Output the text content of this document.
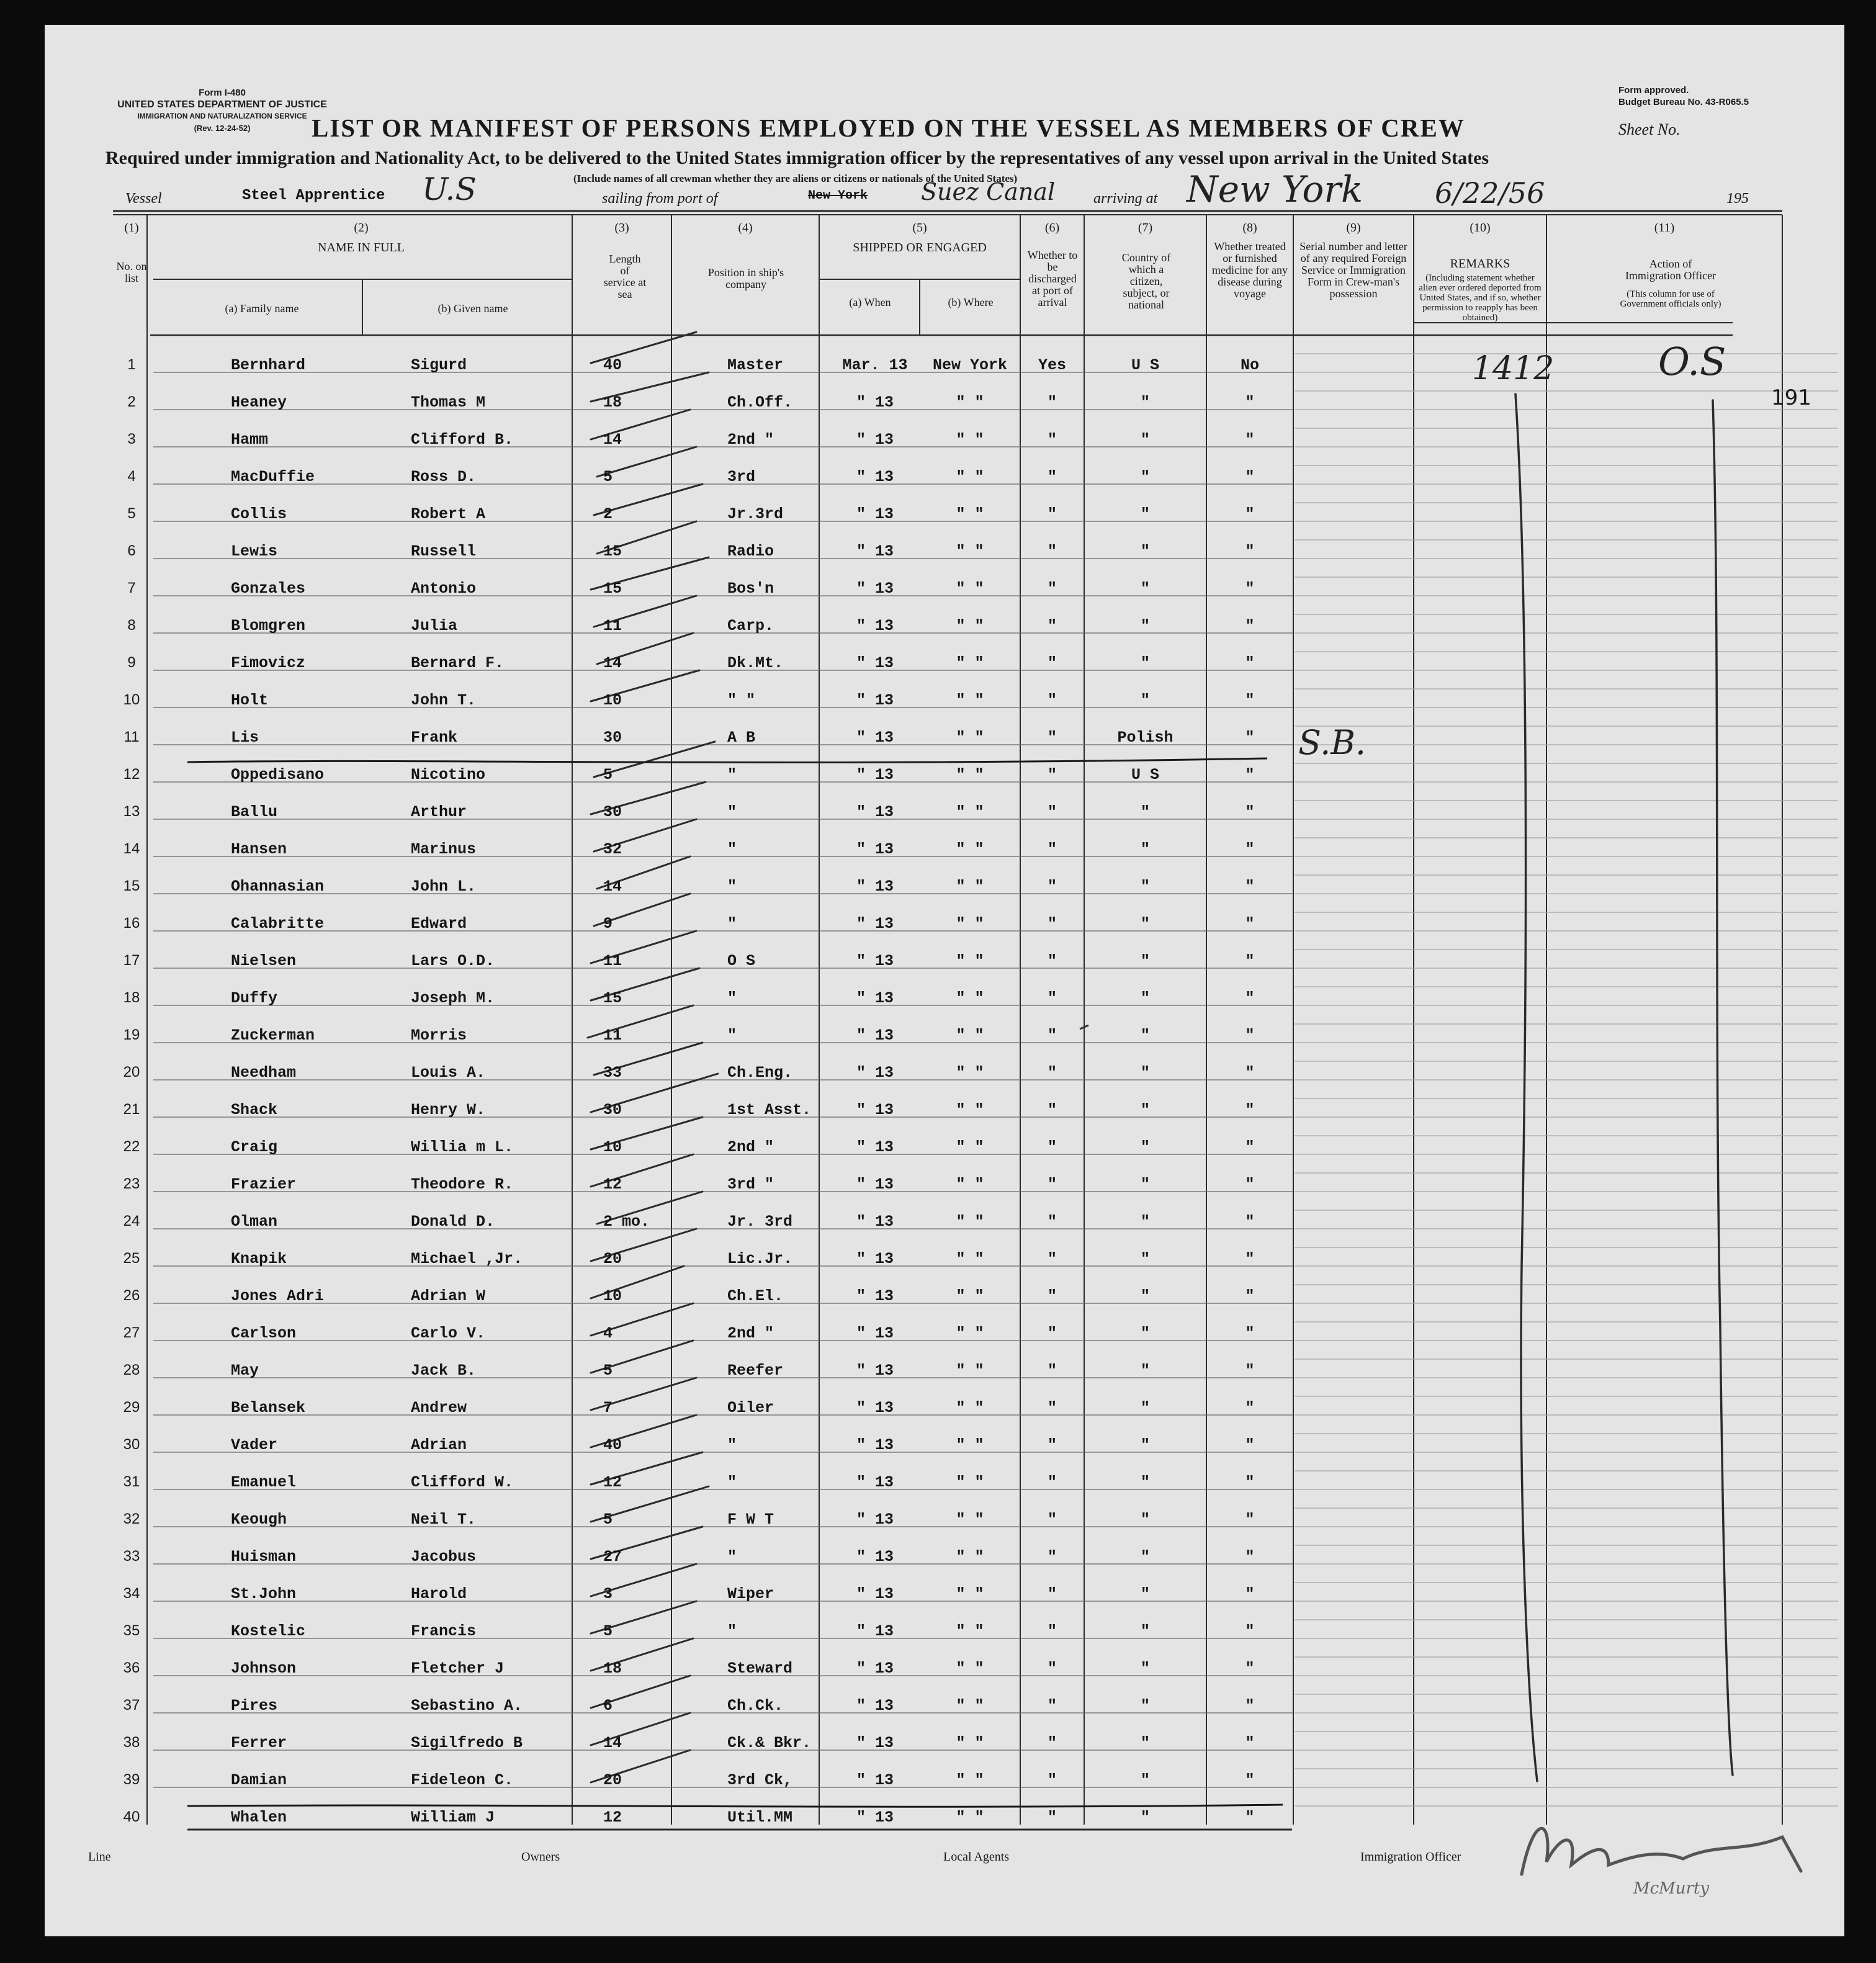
Form I-480
UNITED STATES DEPARTMENT OF JUSTICE
IMMIGRATION AND NATURALIZATION SERVICE
(Rev. 12-24-52)
Form approved.
Budget Bureau No. 43-R065.5
LIST OR MANIFEST OF PERSONS EMPLOYED ON THE VESSEL AS MEMBERS OF CREW	Sheet No.
Required under immigration and Nationality Act, to be delivered to the United States immigration officer by the representatives of any vessel upon arrival in the United States
(Include names of all crewman whether they are aliens or citizens or nationals of the United States)
Vessel	Steel Apprentice U.S	sailing from port of	New York Suez Canal	arriving at New York	6/22/56	195
(1)
No. on list
(2)
NAME IN FULL
(a) Family name	(b) Given name
(3)
Length of service at sea
(4)
Position in ship's company
(5)
SHIPPED OR ENGAGED
(a) When	(b) Where
(6)
Whether to be discharged at port of arrival
(7)
Country of which a citizen, subject, or national
(8)
Whether treated or furnished medicine for any disease during voyage
(9)
Serial number and letter of any required Foreign Service or Immigration Form in Crew-man's possession
(10)
REMARKS
(Including statement whether alien ever ordered deported from United States, and if so, whether permission to reapply has been obtained)
(11)
Action of Immigration Officer
(This column for use of Government officials only)
1412	O.S
191
S.B.
1	Bernhard	Sigurd	40	Master	Mar. 13	New York	Yes	U S	No
2	Heaney	Thomas M	18	Ch.Off.	" 13	" "	"	"	"
3	Hamm	Clifford B.	14	2nd "	" 13	" "	"	"	"
4	MacDuffie	Ross D.	5	3rd	" 13	" "	"	"	"
5	Collis	Robert A	2	Jr.3rd	" 13	" "	"	"	"
6	Lewis	Russell	15	Radio	" 13	" "	"	"	"
7	Gonzales	Antonio	15	Bos'n	" 13	" "	"	"	"
8	Blomgren	Julia	11	Carp.	" 13	" "	"	"	"
9	Fimovicz	Bernard F.	14	Dk.Mt.	" 13	" "	"	"	"
10	Holt	John T.	10	" "	" 13	" "	"	"	"
11	Lis	Frank	30	A B	" 13	" "	"	Polish	"
12	Oppedisano	Nicotino	5	"	" 13	" "	"	U S	"
13	Ballu	Arthur	30	"	" 13	" "	"	"	"
14	Hansen	Marinus	32	"	" 13	" "	"	"	"
15	Ohannasian	John L.	14	"	" 13	" "	"	"	"
16	Calabritte	Edward	9	"	" 13	" "	"	"	"
17	Nielsen	Lars O.D.	11	O S	" 13	" "	"	"	"
18	Duffy	Joseph M.	15	"	" 13	" "	"	"	"
19	Zuckerman	Morris	11	"	" 13	" "	"	"	"
20	Needham	Louis A.	33	Ch.Eng.	" 13	" "	"	"	"
21	Shack	Henry W.	30	1st Asst.	" 13	" "	"	"	"
22	Craig	Willia m L.	10	2nd "	" 13	" "	"	"	"
23	Frazier	Theodore R.	12	3rd "	" 13	" "	"	"	"
24	Olman	Donald D.	2 mo.	Jr. 3rd	" 13	" "	"	"	"
25	Knapik	Michael ,Jr.	20	Lic.Jr.	" 13	" "	"	"	"
26	Jones Adri	Adrian W	10	Ch.El.	" 13	" "	"	"	"
27	Carlson	Carlo V.	4	2nd "	" 13	" "	"	"	"
28	May	Jack B.	5	Reefer	" 13	" "	"	"	"
29	Belansek	Andrew	7	Oiler	" 13	" "	"	"	"
30	Vader	Adrian	40	"	" 13	" "	"	"	"
31	Emanuel	Clifford W.	12	"	" 13	" "	"	"	"
32	Keough	Neil T.	5	F W T	" 13	" "	"	"	"
33	Huisman	Jacobus	27	"	" 13	" "	"	"	"
34	St.John	Harold	3	Wiper	" 13	" "	"	"	"
35	Kostelic	Francis	5	"	" 13	" "	"	"	"
36	Johnson	Fletcher J	18	Steward	" 13	" "	"	"	"
37	Pires	Sebastino A.	6	Ch.Ck.	" 13	" "	"	"	"
38	Ferrer	Sigilfredo B	14	Ck.& Bkr.	" 13	" "	"	"	"
39	Damian	Fideleon C.	20	3rd Ck,	" 13	" "	"	"	"
40	Whalen	William J	12	Util.MM	" 13	" "	"	"	"
Line	Owners	Local Agents	Immigration Officer
McMurty
